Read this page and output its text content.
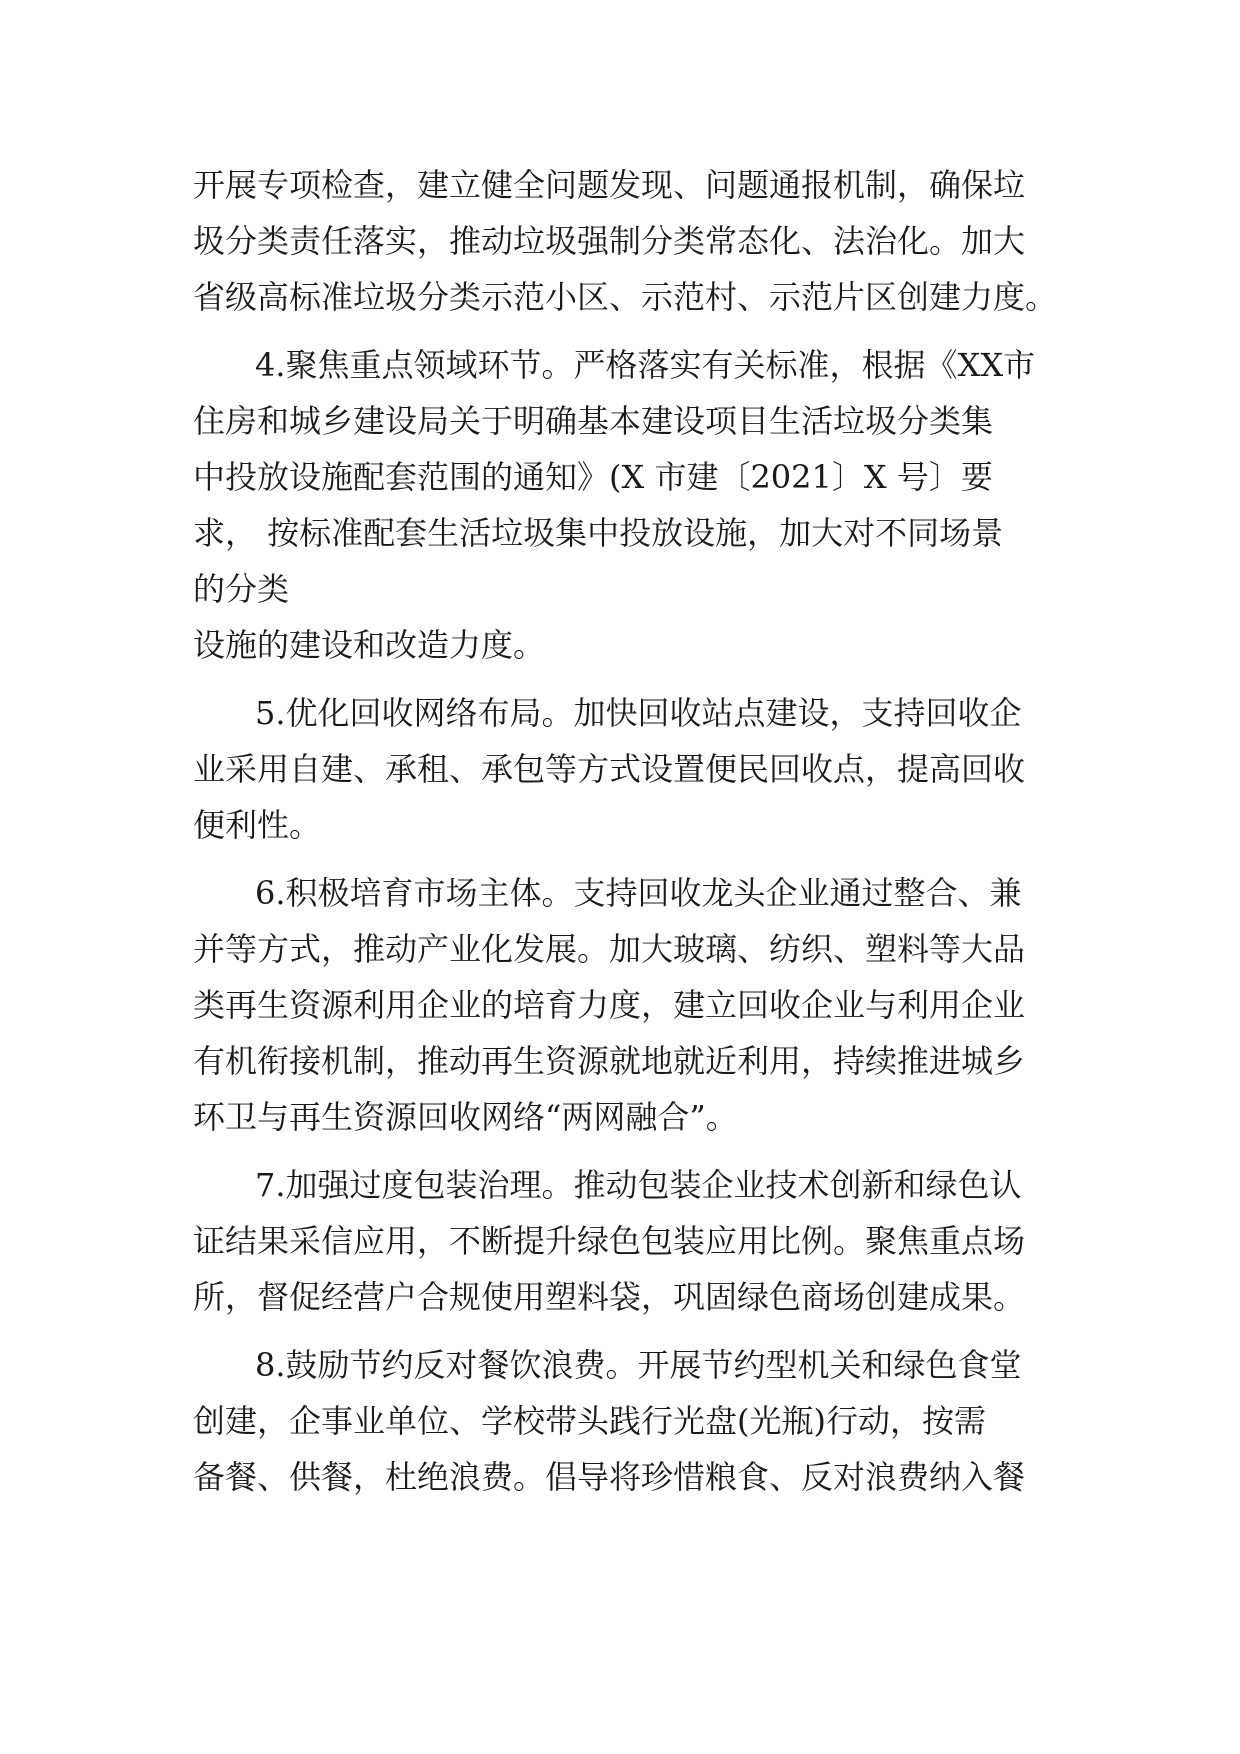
开展专项检查，建立健全问题发现、问题通报机制，确保垃
圾分类责任落实，推动垃圾强制分类常态化、法治化。加大
省级高标准垃圾分类示范小区、示范村、示范片区创建力度。
4.聚焦重点领域环节。严格落实有关标准，根据《XX市
住房和城乡建设局关于明确基本建设项目生活垃圾分类集
中投放设施配套范围的通知》(X 市建〔2021〕X 号〕要
求， 按标准配套生活垃圾集中投放设施，加大对不同场景
的分类
设施的建设和改造力度。
5.优化回收网络布局。加快回收站点建设，支持回收企
业采用自建、承租、承包等方式设置便民回收点，提高回收
便利性。
6.积极培育市场主体。支持回收龙头企业通过整合、兼
并等方式，推动产业化发展。加大玻璃、纺织、塑料等大品
类再生资源利用企业的培育力度，建立回收企业与利用企业
有机衔接机制，推动再生资源就地就近利用，持续推进城乡
环卫与再生资源回收网络“两网融合”。
7.加强过度包装治理。推动包装企业技术创新和绿色认
证结果采信应用，不断提升绿色包装应用比例。聚焦重点场
所，督促经营户合规使用塑料袋，巩固绿色商场创建成果。
8.鼓励节约反对餐饮浪费。开展节约型机关和绿色食堂
创建，企事业单位、学校带头践行光盘(光瓶)行动，按需
备餐、供餐，杜绝浪费。倡导将珍惜粮食、反对浪费纳入餐
